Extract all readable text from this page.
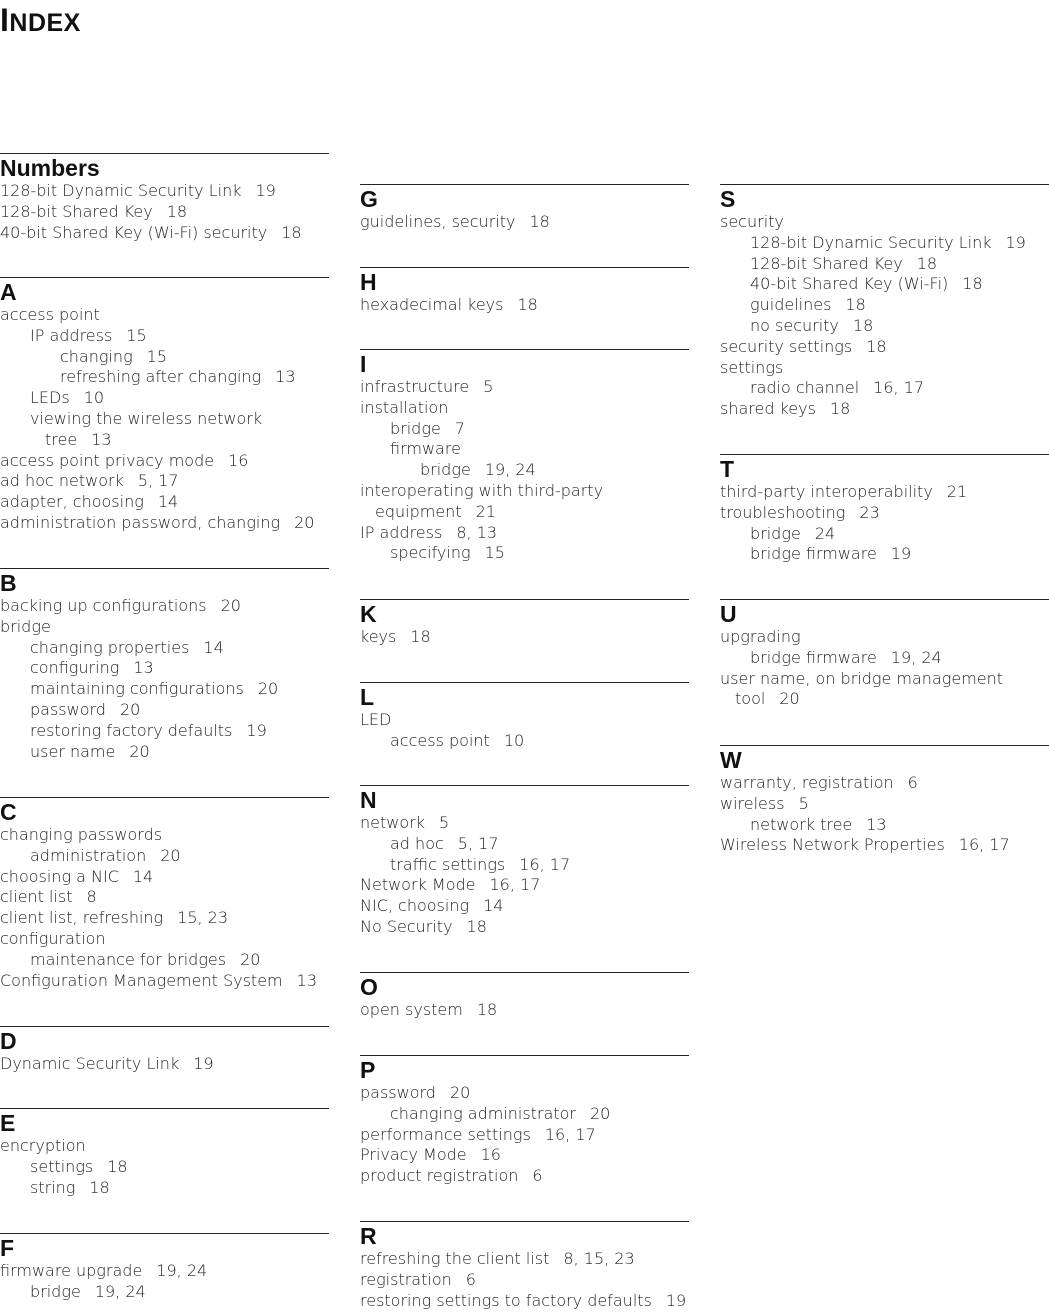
INDEX
Numbers
128-bit Dynamic Security Link 19
128-bit Shared Key 18
40-bit Shared Key (Wi-Fi) security 18
A
access point
IP address 15
changing 15
refreshing after changing 13
LEDs 10
viewing the wireless network
tree 13
access point privacy mode 16
ad hoc network 5, 17
adapter, choosing 14
administration password, changing 20
B
backing up configurations 20
bridge
changing properties 14
configuring 13
maintaining configurations 20
password 20
restoring factory defaults 19
user name 20
C
changing passwords
administration 20
choosing a NIC 14
client list 8
client list, refreshing 15, 23
configuration
maintenance for bridges 20
Configuration Management System 13
D
Dynamic Security Link 19
E
encryption
settings 18
string 18
F
firmware upgrade 19, 24
bridge 19, 24
G
guidelines, security 18
H
hexadecimal keys 18
I
infrastructure 5
installation
bridge 7
firmware
bridge 19, 24
interoperating with third-party
equipment 21
IP address 8, 13
specifying 15
K
keys 18
L
LED
access point 10
N
network 5
ad hoc 5, 17
traffic settings 16, 17
Network Mode 16, 17
NIC, choosing 14
No Security 18
O
open system 18
P
password 20
changing administrator 20
performance settings 16, 17
Privacy Mode 16
product registration 6
R
refreshing the client list 8, 15, 23
registration 6
restoring settings to factory defaults 19
S
security
128-bit Dynamic Security Link 19
128-bit Shared Key 18
40-bit Shared Key (Wi-Fi) 18
guidelines 18
no security 18
security settings 18
settings
radio channel 16, 17
shared keys 18
T
third-party interoperability 21
troubleshooting 23
bridge 24
bridge firmware 19
U
upgrading
bridge firmware 19, 24
user name, on bridge management
tool 20
W
warranty, registration 6
wireless 5
network tree 13
Wireless Network Properties 16, 17
